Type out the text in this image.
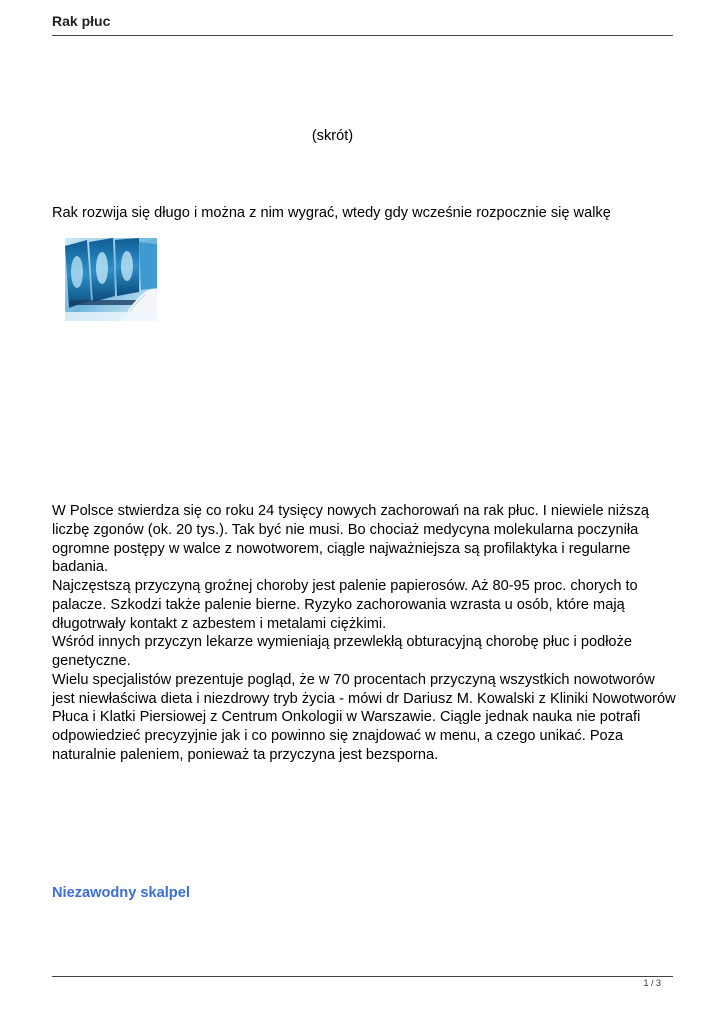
Rak płuc
(skrót)
Rak rozwija się długo i można z nim wygrać, wtedy gdy wcześnie rozpocznie się walkę

W Polsce stwierdza się co roku 24 tysięcy nowych zachorowań na rak płuc. I niewiele niższą liczbę zgonów (ok. 20 tys.). Tak być nie musi. Bo chociaż medycyna molekularna poczyniła ogromne postępy w walce z nowotworem, ciągle najważniejsza są profilaktyka i regularne badania.

Najczęstszą przyczyną groźnej choroby jest palenie papierosów. Aż 80-95 proc. chorych to palacze. Szkodzi także palenie bierne. Ryzyko zachorowania wzrasta u osób, które mają długotrwały kontakt z azbestem i metalami ciężkimi.

Wśród innych przyczyn lekarze wymieniają przewlekłą obturacyjną chorobę płuc i podłoże genetyczne.

Wielu specjalistów prezentuje pogląd, że w 70 procentach przyczyną wszystkich nowotworów jest niewłaściwa dieta i niezdrowy tryb życia - mówi dr Dariusz M. Kowalski z Kliniki Nowotworów Płuca i Klatki Piersiowej z Centrum Onkologii w Warszawie. Ciągle jednak nauka nie potrafi odpowiedzieć precyzyjnie jak i co powinno się znajdować w menu, a czego unikać. Poza naturalnie paleniem, ponieważ ta przyczyna jest bezsporna.

Niezawodny skalpel
1 / 3
